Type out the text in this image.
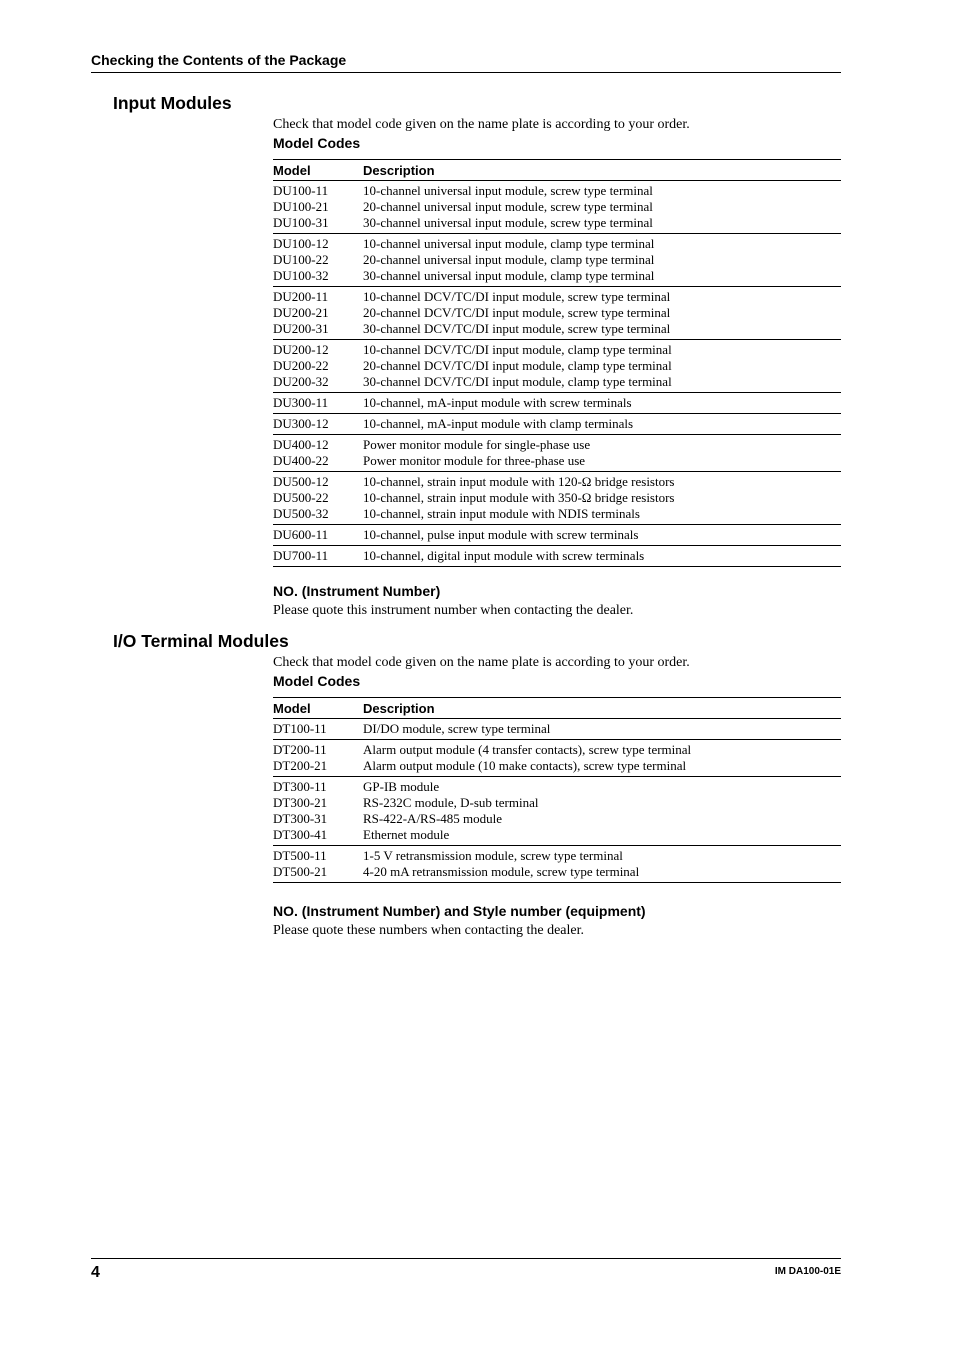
Checking the Contents of the Package
Input Modules
Check that model code given on the name plate is according to your order.
Model Codes
Model	Description
DU100-11	10-channel universal input module, screw type terminal
DU100-21	20-channel universal input module, screw type terminal
DU100-31	30-channel universal input module, screw type terminal
DU100-12	10-channel universal input module, clamp type terminal
DU100-22	20-channel universal input module, clamp type terminal
DU100-32	30-channel universal input module, clamp type terminal
DU200-11	10-channel DCV/TC/DI input module, screw type terminal
DU200-21	20-channel DCV/TC/DI input module, screw type terminal
DU200-31	30-channel DCV/TC/DI input module, screw type terminal
DU200-12	10-channel DCV/TC/DI input module, clamp type terminal
DU200-22	20-channel DCV/TC/DI input module, clamp type terminal
DU200-32	30-channel DCV/TC/DI input module, clamp type terminal
DU300-11	10-channel, mA-input module with screw terminals
DU300-12	10-channel, mA-input module with clamp terminals
DU400-12	Power monitor module for single-phase use
DU400-22	Power monitor module for three-phase use
DU500-12	10-channel, strain input module with 120-Ω bridge resistors
DU500-22	10-channel, strain input module with 350-Ω bridge resistors
DU500-32	10-channel, strain input module with NDIS terminals
DU600-11	10-channel, pulse input module with screw terminals
DU700-11	10-channel, digital input module with screw terminals
NO. (Instrument Number)
Please quote this instrument number when contacting the dealer.
I/O Terminal Modules
Check that model code given on the name plate is according to your order.
Model Codes
Model	Description
DT100-11	DI/DO module, screw type terminal
DT200-11	Alarm output module (4 transfer contacts), screw type terminal
DT200-21	Alarm output module (10 make contacts), screw type terminal
DT300-11	GP-IB module
DT300-21	RS-232C module, D-sub terminal
DT300-31	RS-422-A/RS-485 module
DT300-41	Ethernet module
DT500-11	1-5 V retransmission module, screw type terminal
DT500-21	4-20 mA retransmission module, screw type terminal
NO. (Instrument Number) and Style number (equipment)
Please quote these numbers when contacting the dealer.
4	IM DA100-01E
